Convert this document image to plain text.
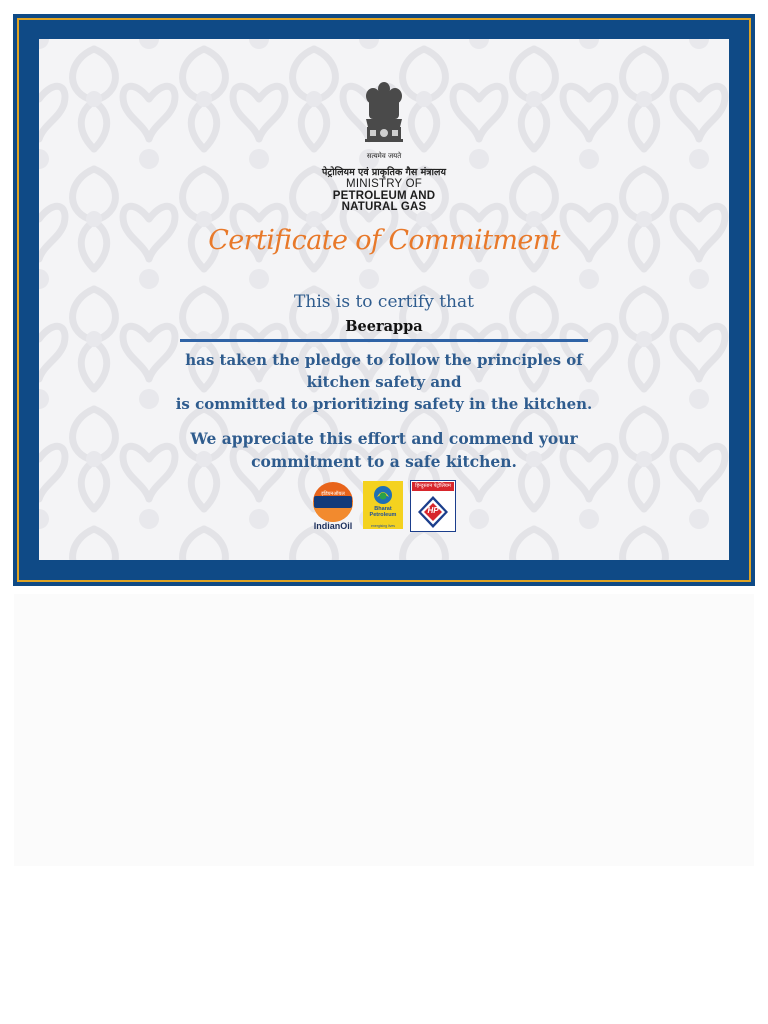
सत्यमेव जयते
पेट्रोलियम एवं प्राकृतिक गैस मंत्रालय
MINISTRY OF
PETROLEUM AND
NATURAL GAS
Certificate of Commitment
This is to certify that
Beerappa
has taken the pledge to follow the principles of
kitchen safety and
is committed to prioritizing safety in the kitchen.
We appreciate this effort and commend your
commitment to a safe kitchen.
इंडियनऑयल
IndianOil
Bharat
Petroleum
energising lives
हिन्दुस्तान पेट्रोलियम
HP
